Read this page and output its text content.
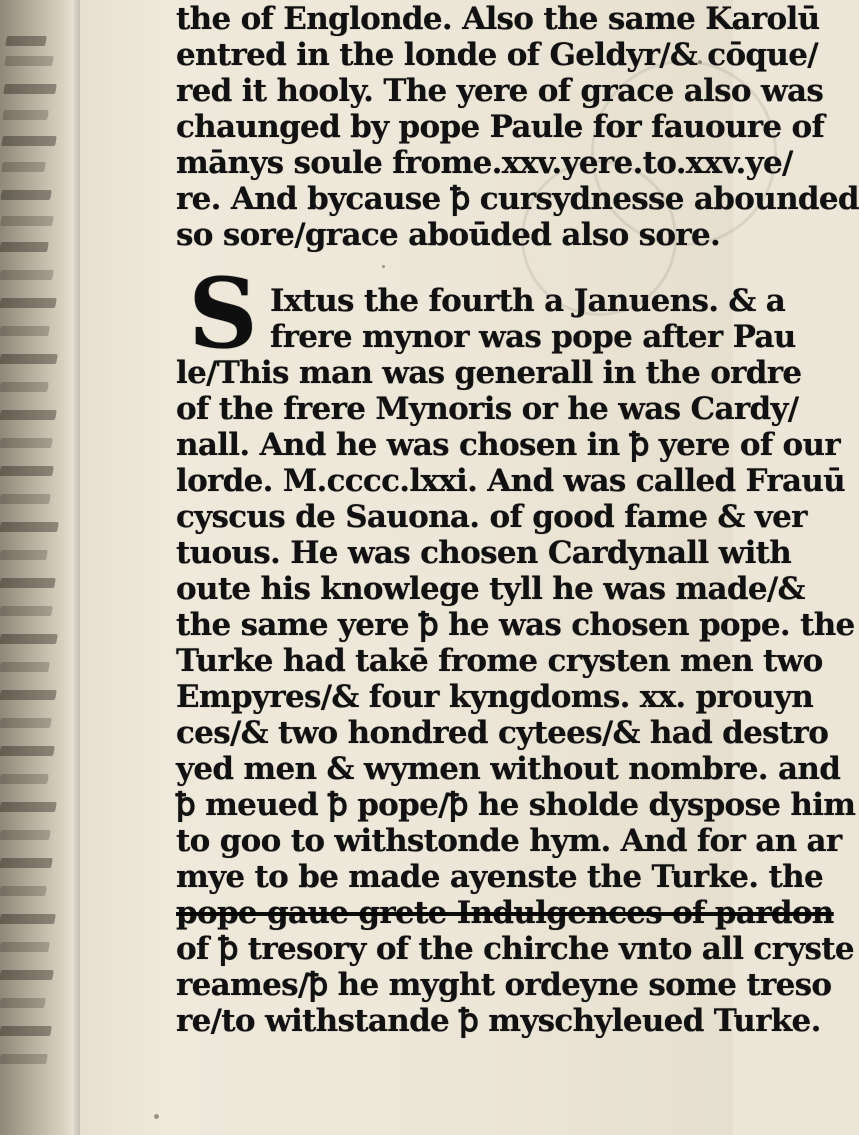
the of Englonde. Also the same Karolū
entred in the londe of Geldyr/& cōque/
red it hooly. The yere of grace also was
chaunged by pope Paule for fauoure of
mānys soule frome.xxv.yere.to.xxv.ye/
re. And bycause ꝥ cursydnesse abounded
so sore/grace aboūded also sore.
Ixtus the fourth a Januens. & a
frere mynor was pope after Pau
le/This man was generall in the ordre
of the frere Mynoris or he was Cardy/
nall. And he was chosen in ꝥ yere of our
lorde. M.cccc.lxxi. And was called Frauū
cyscus de Sauona. of good fame & ver
tuous. He was chosen Cardynall with
oute his knowlege tyll he was made/&
the same yere ꝥ he was chosen pope. the
Turke had takē frome crysten men two
Empyres/& four kyngdoms. xx. prouyn
ces/& two hondred cytees/& had destro
yed men & wymen without nombre. and
ꝥ meued ꝥ pope/ꝥ he sholde dyspose him
to goo to withstonde hym. And for an ar
mye to be made ayenste the Turke. the
pope gaue grete Indulgences of pardon
of ꝥ tresory of the chirche vnto all cryste
reames/ꝥ he myght ordeyne some treso
re/to withstande ꝥ myschyleued Turke.
S
